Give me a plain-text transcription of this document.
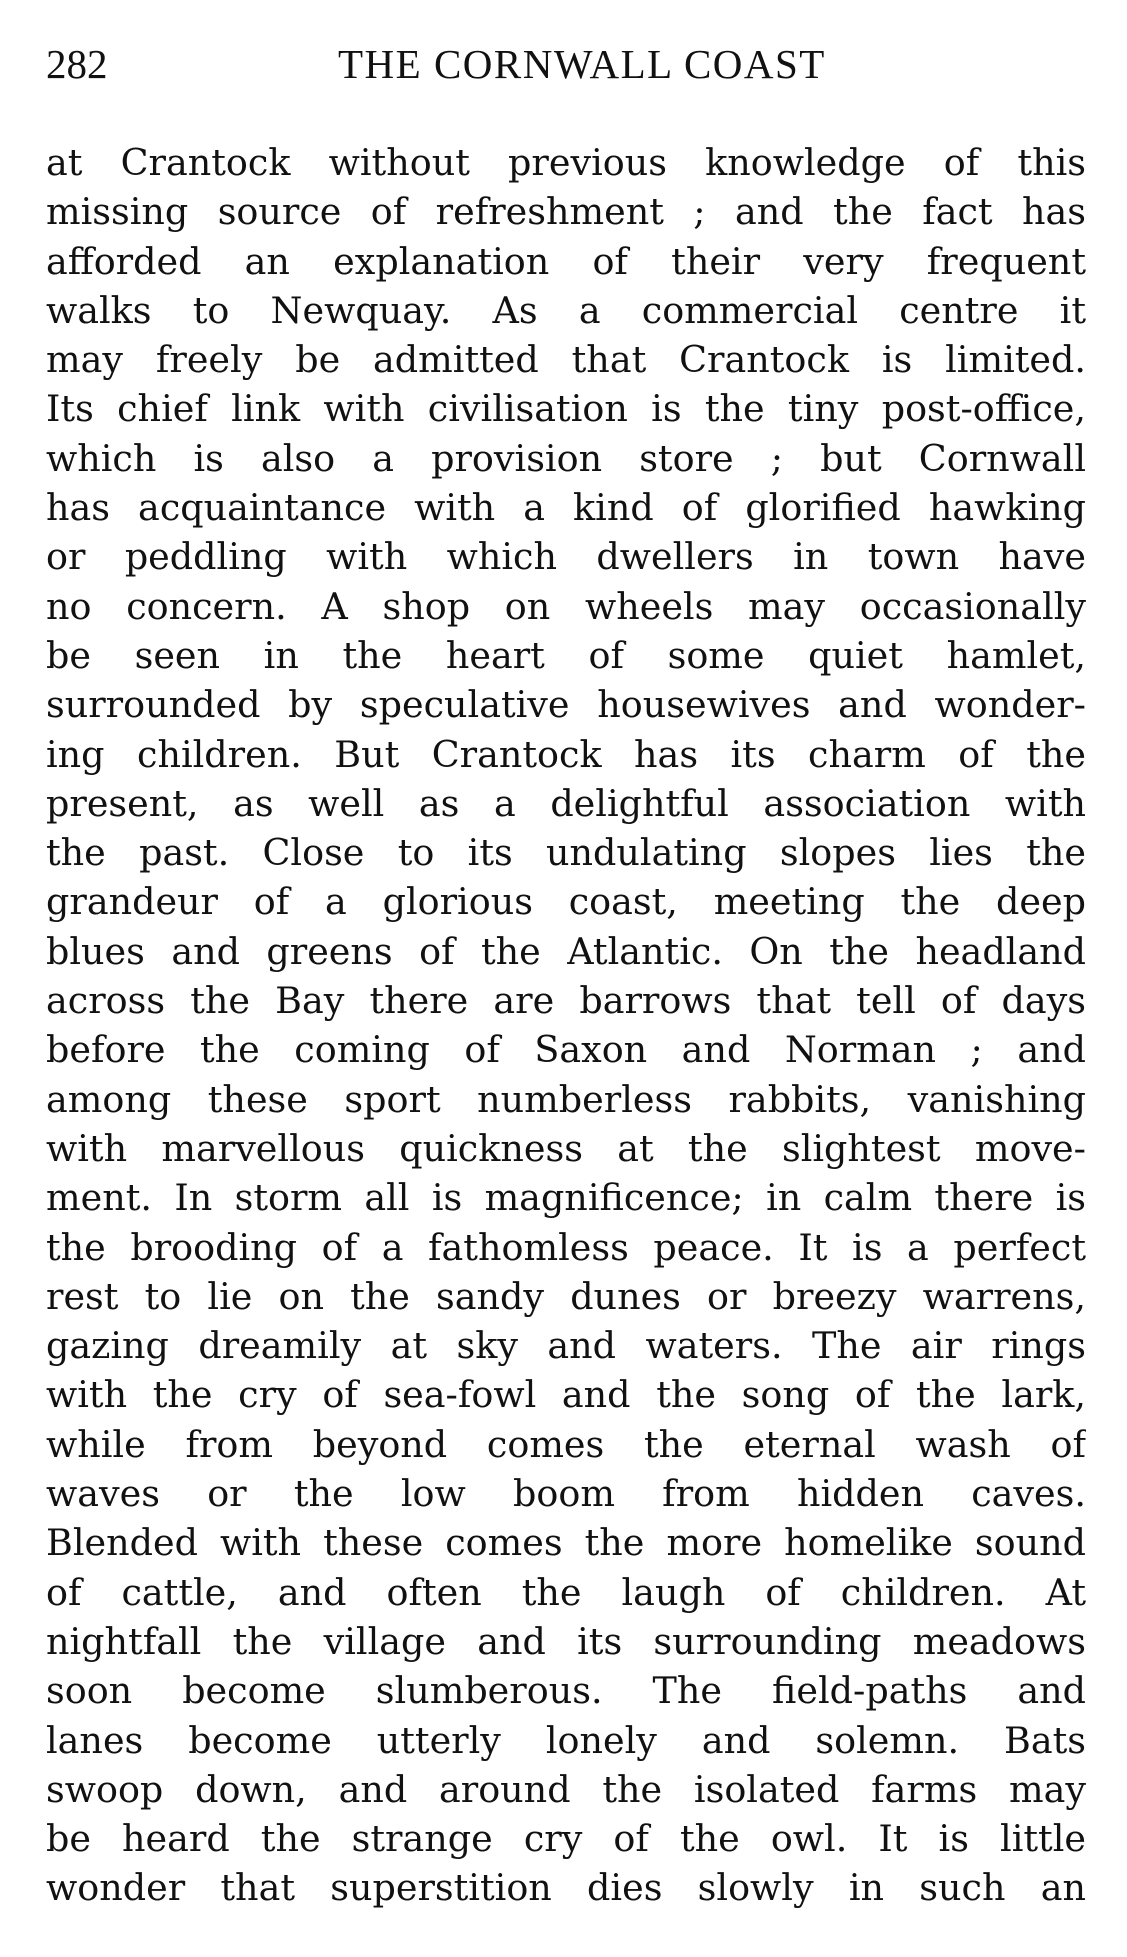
282	THE CORNWALL COAST
at Crantock without previous knowledge of this
missing source of refreshment ; and the fact has
afforded an explanation of their very frequent
walks to Newquay. As a commercial centre it
may freely be admitted that Crantock is limited.
Its chief link with civilisation is the tiny post-office,
which is also a provision store ; but Cornwall
has acquaintance with a kind of glorified hawking
or peddling with which dwellers in town have
no concern. A shop on wheels may occasionally
be seen in the heart of some quiet hamlet,
surrounded by speculative housewives and wonder-
ing children. But Crantock has its charm of the
present, as well as a delightful association with
the past. Close to its undulating slopes lies the
grandeur of a glorious coast, meeting the deep
blues and greens of the Atlantic. On the headland
across the Bay there are barrows that tell of days
before the coming of Saxon and Norman ; and
among these sport numberless rabbits, vanishing
with marvellous quickness at the slightest move-
ment. In storm all is magnificence; in calm there is
the brooding of a fathomless peace. It is a perfect
rest to lie on the sandy dunes or breezy warrens,
gazing dreamily at sky and waters. The air rings
with the cry of sea-fowl and the song of the lark,
while from beyond comes the eternal wash of
waves or the low boom from hidden caves.
Blended with these comes the more homelike sound
of cattle, and often the laugh of children. At
nightfall the village and its surrounding meadows
soon become slumberous. The field-paths and
lanes become utterly lonely and solemn. Bats
swoop down, and around the isolated farms may
be heard the strange cry of the owl. It is little
wonder that superstition dies slowly in such an
